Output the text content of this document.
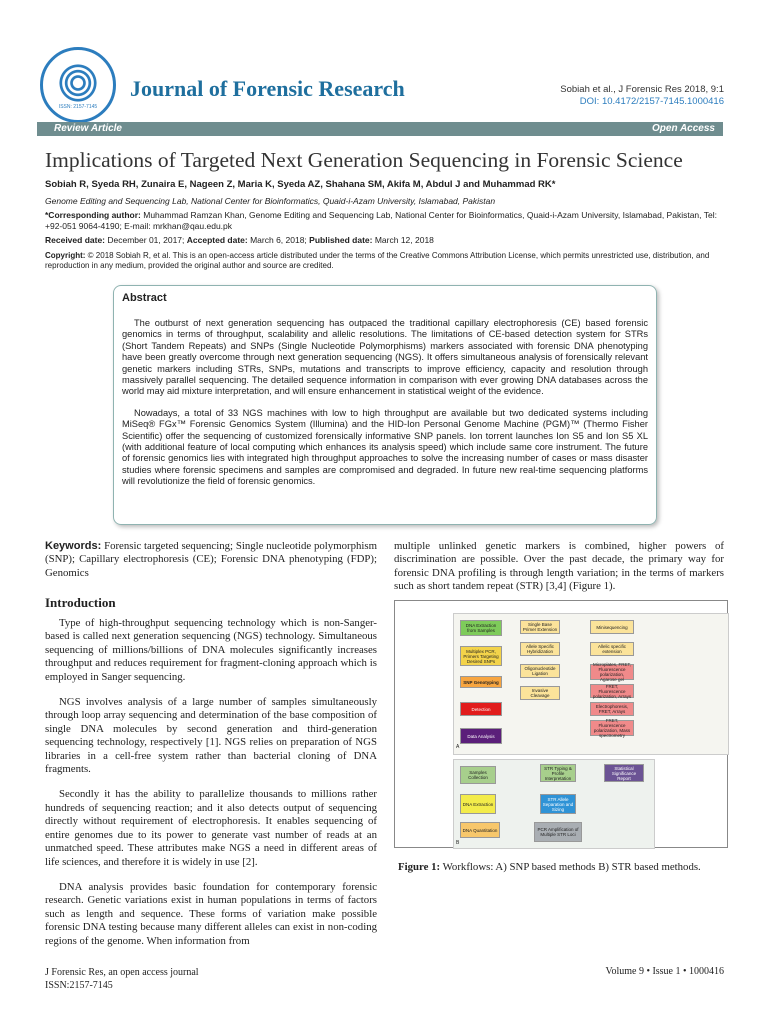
ISSN: 2157-7145
Journal of Forensic Research	Sobiah et al., J Forensic Res 2018, 9:1
DOI: 10.4172/2157-7145.1000416
Review Article	Open Access
Implications of Targeted Next Generation Sequencing in Forensic Science
Sobiah R, Syeda RH, Zunaira E, Nageen Z, Maria K, Syeda AZ, Shahana SM, Akifa M, Abdul J and Muhammad RK*
Genome Editing and Sequencing Lab, National Center for Bioinformatics, Quaid-i-Azam University, Islamabad, Pakistan
*Corresponding author: Muhammad Ramzan Khan, Genome Editing and Sequencing Lab, National Center for Bioinformatics, Quaid-i-Azam University, Islamabad, Pakistan, Tel: +92-051 9064-4190; E-mail: mrkhan@qau.edu.pk
Received date: December 01, 2017; Accepted date: March 6, 2018; Published date: March 12, 2018
Copyright: © 2018 Sobiah R, et al. This is an open-access article distributed under the terms of the Creative Commons Attribution License, which permits unrestricted use, distribution, and reproduction in any medium, provided the original author and source are credited.
Abstract

The outburst of next generation sequencing has outpaced the traditional capillary electrophoresis (CE) based forensic genomics in terms of throughput, scalability and allelic resolutions. The limitations of CE-based detection system for STRs (Short Tandem Repeats) and SNPs (Single Nucleotide Polymorphisms) markers associated with forensic DNA phenotyping have been greatly overcome through next generation sequencing (NGS). It offers simultaneous analysis of forensically relevant genetic markers including STRs, SNPs, mutations and transcripts to improve efficiency, capacity and resolution through massively parallel sequencing. The detailed sequence information in comparison with ever growing DNA databases across the world may aid mixture interpretation, and will ensure enhancement in statistical weight of the evidence.

Nowadays, a total of 33 NGS machines with low to high throughput are available but two dedicated systems including MiSeq® FGx™ Forensic Genomics System (Illumina) and the HID-Ion Personal Genome Machine (PGM)™ (Thermo Fisher Scientific) offer the sequencing of customized forensically informative SNP panels. Ion torrent launches Ion S5 and Ion S5 XL (with additional feature of local computing which enhances its analysis speed) which include same core instrument. The future of forensic genomics lies with integrated high throughput approaches to solve the increasing number of cases or mass disaster studies where forensic specimens and samples are compromised and degraded. In future new real-time sequencing platforms will revolutionize the field of forensic genomics.

Keywords: Forensic targeted sequencing; Single nucleotide polymorphism (SNP); Capillary electrophoresis (CE); Forensic DNA phenotyping (FDP); Genomics
Introduction

Type of high-throughput sequencing technology which is non-Sanger-based is called next generation sequencing (NGS) technology. Simultaneous sequencing of millions/billions of DNA molecules significantly increases throughput and reduces requirement for fragment-cloning approach which is employed in Sanger sequencing.

NGS involves analysis of a large number of samples simultaneously through loop array sequencing and determination of the base composition of single DNA molecules by second generation and third-generation sequencing technology, respectively [1]. NGS relies on preparation of NGS libraries in a cell-free system rather than bacterial cloning of DNA fragments.

Secondly it has the ability to parallelize thousands to millions rather hundreds of sequencing reaction; and it also detects output of sequencing directly without requirement of electrophoresis. It enables sequencing of entire genomes due to its power to generate vast number of reads at an unmatched speed. These attributes make NGS a need in different areas of life sciences, and therefore it is widely in use [2].

DNA analysis provides basic foundation for contemporary forensic research. Genetic variations exist in human populations in terms of factors such as length and sequence. These forms of variation make possible forensic DNA testing because many different alleles can exist in non-coding regions of the genome. When information from

multiple unlinked genetic markers is combined, higher powers of discrimination are possible. Over the past decade, the primary way for forensic DNA profiling is through length variation; in the terms of markers such as short tandem repeat (STR) [3,4] (Figure 1).
DNA Extraction from Samples
Multiplex PCR, Primers Targeting Desired SNPs
SNP Genotyping
Detection
Data Analysis
Single Base Primer Extension
Allele Specific Hybridization
Oligonucleotide Ligation
Invasive Cleavage
Minisequencing
Allelic specific extension
Microplates, FRET, Fluorescence polarization, Agarose gel
FRET, Fluorescence polarization, Arrays
Electrophoresis, FRET, Arrays
FRET, Fluorescence polarization, Mass spectrometry
A
Samples Collection
DNA Extraction
DNA Quantitation
STR Typing & Profile Interpretation
STR Allele Separation and Sizing
PCR Amplification of Multiple STR Loci
Statistical Significance Report
B
Figure 1: Workflows: A) SNP based methods B) STR based methods.
J Forensic Res, an open access journal
ISSN:2157-7145
Volume 9 • Issue 1 • 1000416
